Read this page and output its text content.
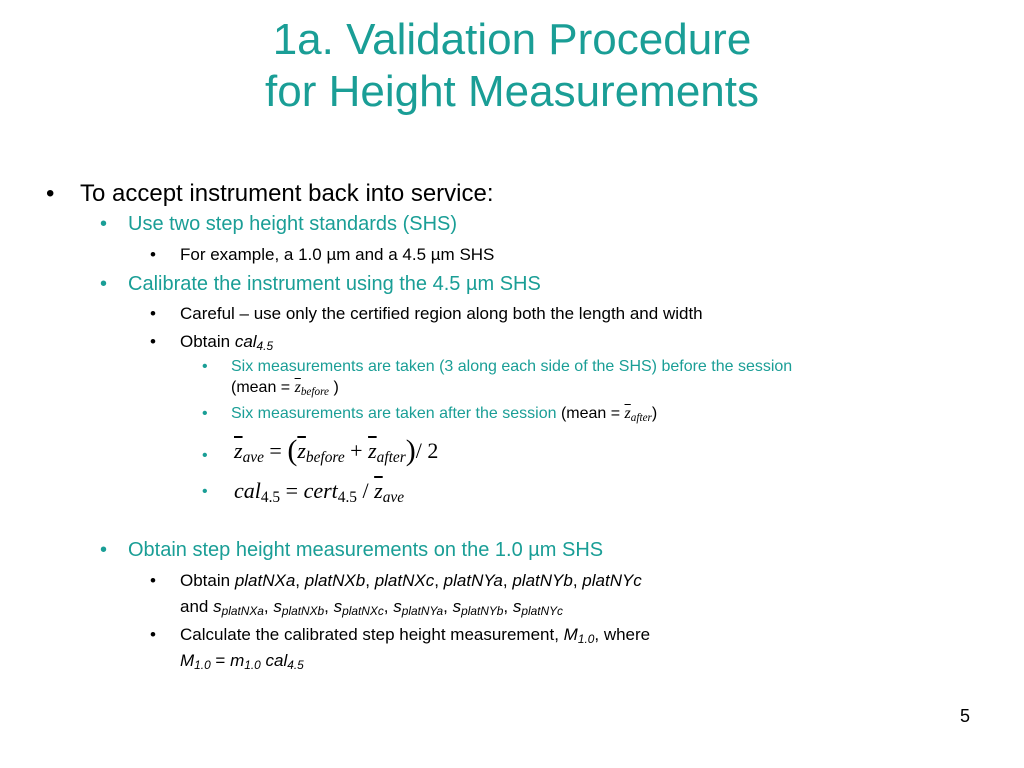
1a. Validation Procedure
for Height Measurements
• To accept instrument back into service:
• Use two step height standards (SHS)
• For example, a 1.0 µm and a 4.5 µm SHS
• Calibrate the instrument using the 4.5 µm SHS
• Careful – use only the certified region along both the length and width
• Obtain cal$_{4.5}$
• Six measurements are taken (3 along each side of the SHS) before the session
(mean = $\overline{z}_{before}$ )
• Six measurements are taken after the session (mean = $\overline{z}_{after}$)
• $\overline{z}_{ave} = (\overline{z}_{before} + \overline{z}_{after})/$ 2
• cal$_{4.5}$ = cert$_{4.5}$ / $\overline{z}_{ave}$
• Obtain step height measurements on the 1.0 µm SHS
• Obtain platNXa, platNXb, platNXc, platNYa, platNYb, platNYc
and $s_{platNXa}$, $s_{platNXb}$, $s_{platNXc}$, $s_{platNYa}$, $s_{platNYb}$, $s_{platNYc}$
• Calculate the calibrated step height measurement, $M_{1.0}$, where
$M_{1.0} = m_{1.0}$ cal$_{4.5}$
5
